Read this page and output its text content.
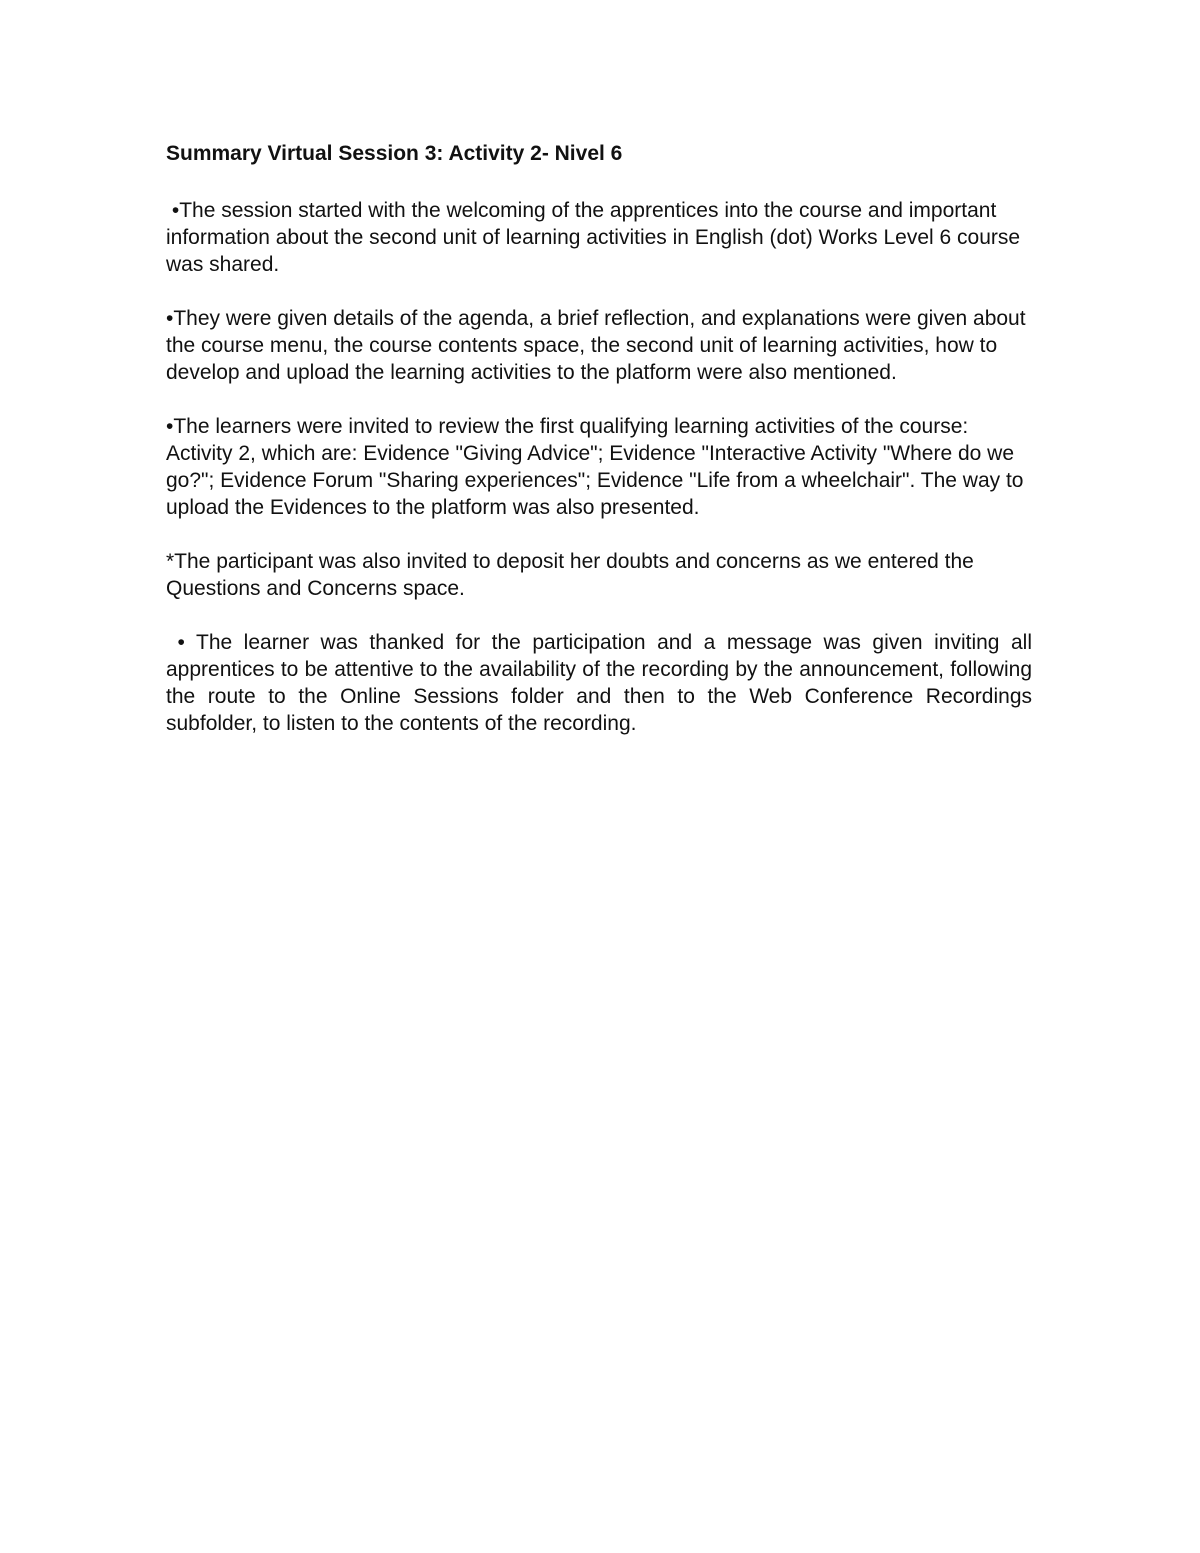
Summary Virtual Session 3: Activity 2- Nivel 6

•The session started with the welcoming of the apprentices into the course and important information about the second unit of learning activities in English (dot) Works Level 6 course was shared.

•They were given details of the agenda, a brief reflection, and explanations were given about the course menu, the course contents space, the second unit of learning activities, how to develop and upload the learning activities to the platform were also mentioned.

•The learners were invited to review the first qualifying learning activities of the course: Activity 2, which are: Evidence "Giving Advice"; Evidence "Interactive Activity "Where do we go?"; Evidence Forum "Sharing experiences"; Evidence "Life from a wheelchair". The way to upload the Evidences to the platform was also presented.

*The participant was also invited to deposit her doubts and concerns as we entered the Questions and Concerns space.

• The learner was thanked for the participation and a message was given inviting all apprentices to be attentive to the availability of the recording by the announcement, following the route to the Online Sessions folder and then to the Web Conference Recordings subfolder, to listen to the contents of the recording.
